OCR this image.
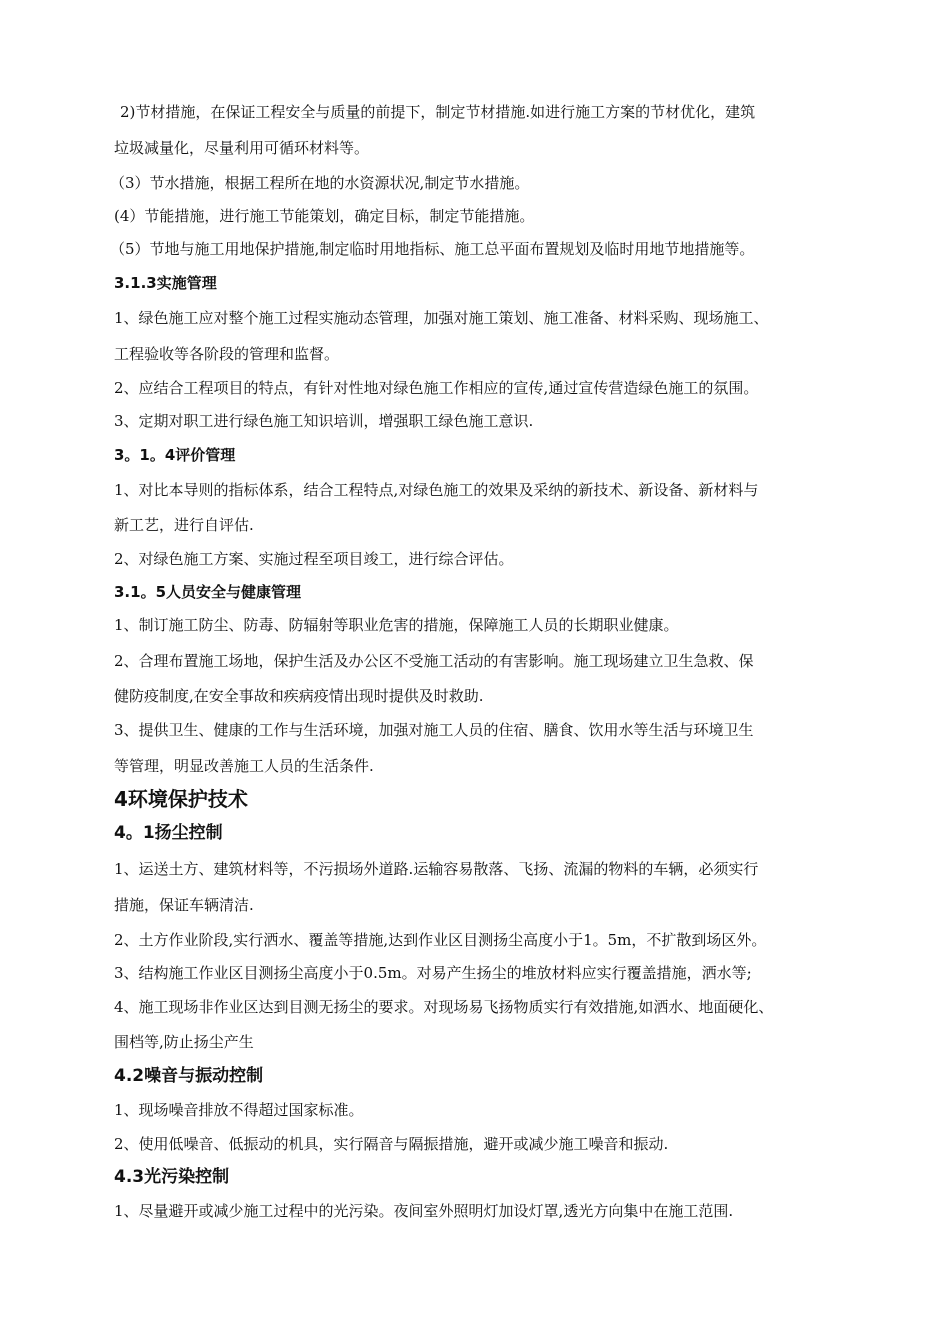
2)节材措施，在保证工程安全与质量的前提下，制定节材措施.如进行施工方案的节材优化，建筑
垃圾减量化，尽量利用可循环材料等。
（3）节水措施，根据工程所在地的水资源状况,制定节水措施。
(4）节能措施，进行施工节能策划，确定目标，制定节能措施。
（5）节地与施工用地保护措施,制定临时用地指标、施工总平面布置规划及临时用地节地措施等。
3.1.3实施管理
1、绿色施工应对整个施工过程实施动态管理，加强对施工策划、施工准备、材料采购、现场施工、
工程验收等各阶段的管理和监督。
2、应结合工程项目的特点，有针对性地对绿色施工作相应的宣传,通过宣传营造绿色施工的氛围。
3、定期对职工进行绿色施工知识培训，增强职工绿色施工意识.
3。1。4评价管理
1、对比本导则的指标体系，结合工程特点,对绿色施工的效果及采纳的新技术、新设备、新材料与
新工艺，进行自评估.
2、对绿色施工方案、实施过程至项目竣工，进行综合评估。
3.1。5人员安全与健康管理
1、制订施工防尘、防毒、防辐射等职业危害的措施，保障施工人员的长期职业健康。
2、合理布置施工场地，保护生活及办公区不受施工活动的有害影响。施工现场建立卫生急救、保
健防疫制度,在安全事故和疾病疫情出现时提供及时救助.
3、提供卫生、健康的工作与生活环境，加强对施工人员的住宿、膳食、饮用水等生活与环境卫生
等管理，明显改善施工人员的生活条件.
4环境保护技术
4。1扬尘控制
1、运送土方、建筑材料等，不污损场外道路.运输容易散落、飞扬、流漏的物料的车辆，必须实行
措施，保证车辆清洁.
2、土方作业阶段,实行洒水、覆盖等措施,达到作业区目测扬尘高度小于1。5m，不扩散到场区外。
3、结构施工作业区目测扬尘高度小于0.5m。对易产生扬尘的堆放材料应实行覆盖措施，洒水等;
4、施工现场非作业区达到目测无扬尘的要求。对现场易飞扬物质实行有效措施,如洒水、地面硬化、
围档等,防止扬尘产生
4.2噪音与振动控制
1、现场噪音排放不得超过国家标准。
2、使用低噪音、低振动的机具，实行隔音与隔振措施，避开或减少施工噪音和振动.
4.3光污染控制
1、尽量避开或减少施工过程中的光污染。夜间室外照明灯加设灯罩,透光方向集中在施工范围.
